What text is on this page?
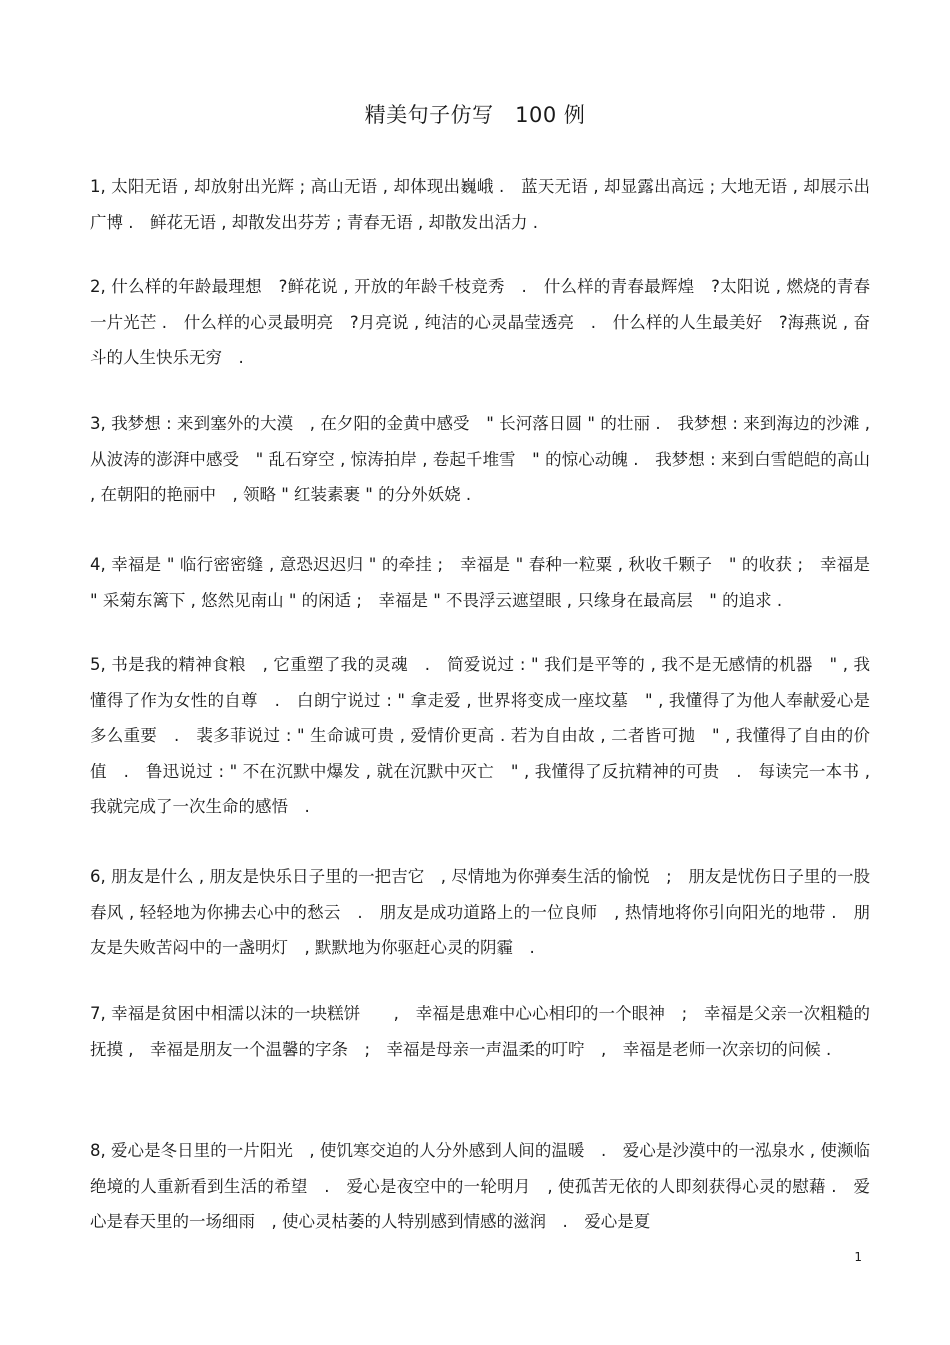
精美句子仿写　100 例
1, 太阳无语 , 却放射出光辉 ; 高山无语 , 却体现出巍峨 .　蓝天无语 , 却显露出高远 ; 大地无语 , 却展示出广博 .　鲜花无语 , 却散发出芬芳 ; 青春无语 , 却散发出活力 .
2, 什么样的年龄最理想　?鲜花说 , 开放的年龄千枝竞秀　.　什么样的青春最辉煌　?太阳说 , 燃烧的青春一片光芒 .　什么样的心灵最明亮　?月亮说 , 纯洁的心灵晶莹透亮　.　什么样的人生最美好　?海燕说 , 奋斗的人生快乐无穷　.
3, 我梦想 : 来到塞外的大漠　, 在夕阳的金黄中感受　" 长河落日圆 " 的壮丽 .　我梦想 : 来到海边的沙滩 , 从波涛的澎湃中感受　" 乱石穿空 , 惊涛拍岸 , 卷起千堆雪　" 的惊心动魄 .　我梦想 : 来到白雪皑皑的高山 , 在朝阳的艳丽中　, 领略 " 红装素裹 " 的分外妖娆 .
4, 幸福是 " 临行密密缝 , 意恐迟迟归 " 的牵挂 ;　幸福是 " 春种一粒粟 , 秋收千颗子　" 的收获 ;　幸福是 " 采菊东篱下 , 悠然见南山 " 的闲适 ;　幸福是 " 不畏浮云遮望眼 , 只缘身在最高层　" 的追求 .
5, 书是我的精神食粮　, 它重塑了我的灵魂　.　简爱说过 : " 我们是平等的 , 我不是无感情的机器　" , 我懂得了作为女性的自尊　.　白朗宁说过 : " 拿走爱 , 世界将变成一座坟墓　" , 我懂得了为他人奉献爱心是多么重要　.　裴多菲说过 : " 生命诚可贵 , 爱情价更高 . 若为自由故 , 二者皆可抛　" , 我懂得了自由的价值　.　鲁迅说过 : " 不在沉默中爆发 , 就在沉默中灭亡　" , 我懂得了反抗精神的可贵　.　每读完一本书 , 我就完成了一次生命的感悟　.
6, 朋友是什么 , 朋友是快乐日子里的一把吉它　, 尽情地为你弹奏生活的愉悦　;　朋友是忧伤日子里的一股春风 , 轻轻地为你拂去心中的愁云　.　朋友是成功道路上的一位良师　, 热情地将你引向阳光的地带 .　朋友是失败苦闷中的一盏明灯　, 默默地为你驱赶心灵的阴霾　.
7, 幸福是贫困中相濡以沫的一块糕饼　　,　幸福是患难中心心相印的一个眼神　;　幸福是父亲一次粗糙的抚摸 ,　幸福是朋友一个温馨的字条　;　幸福是母亲一声温柔的叮咛　,　幸福是老师一次亲切的问候 .
8, 爱心是冬日里的一片阳光　, 使饥寒交迫的人分外感到人间的温暖　.　爱心是沙漠中的一泓泉水 , 使濒临绝境的人重新看到生活的希望　.　爱心是夜空中的一轮明月　, 使孤苦无依的人即刻获得心灵的慰藉 .　爱心是春天里的一场细雨　, 使心灵枯萎的人特别感到情感的滋润　.　爱心是夏
1
